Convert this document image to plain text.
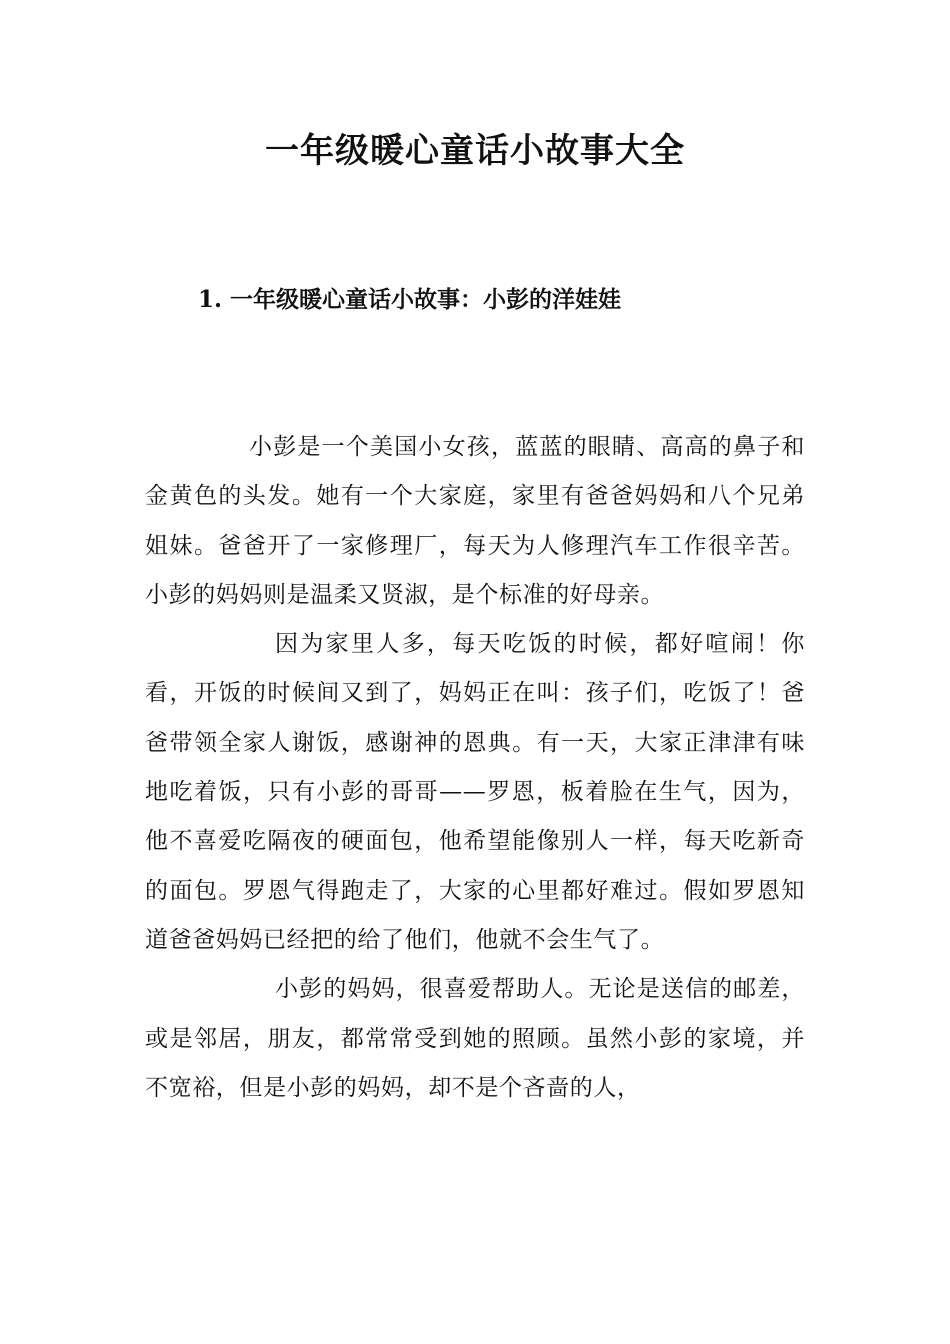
一年级暖心童话小故事大全
1. 一年级暖心童话小故事：小彭的洋娃娃

小彭是一个美国小女孩，蓝蓝的眼睛、高高的鼻子和金黄色的头发。她有一个大家庭，家里有爸爸妈妈和八个兄弟姐妹。爸爸开了一家修理厂，每天为人修理汽车工作很辛苦。小彭的妈妈则是温柔又贤淑，是个标准的好母亲。

因为家里人多，每天吃饭的时候，都好喧闹！你看，开饭的时候间又到了，妈妈正在叫：孩子们，吃饭了！爸爸带领全家人谢饭，感谢神的恩典。有一天，大家正津津有味地吃着饭，只有小彭的哥哥——罗恩，板着脸在生气，因为，他不喜爱吃隔夜的硬面包，他希望能像别人一样，每天吃新奇的面包。罗恩气得跑走了，大家的心里都好难过。假如罗恩知道爸爸妈妈已经把的给了他们，他就不会生气了。

小彭的妈妈，很喜爱帮助人。无论是送信的邮差，或是邻居，朋友，都常常受到她的照顾。虽然小彭的家境，并不宽裕，但是小彭的妈妈，却不是个吝啬的人，
